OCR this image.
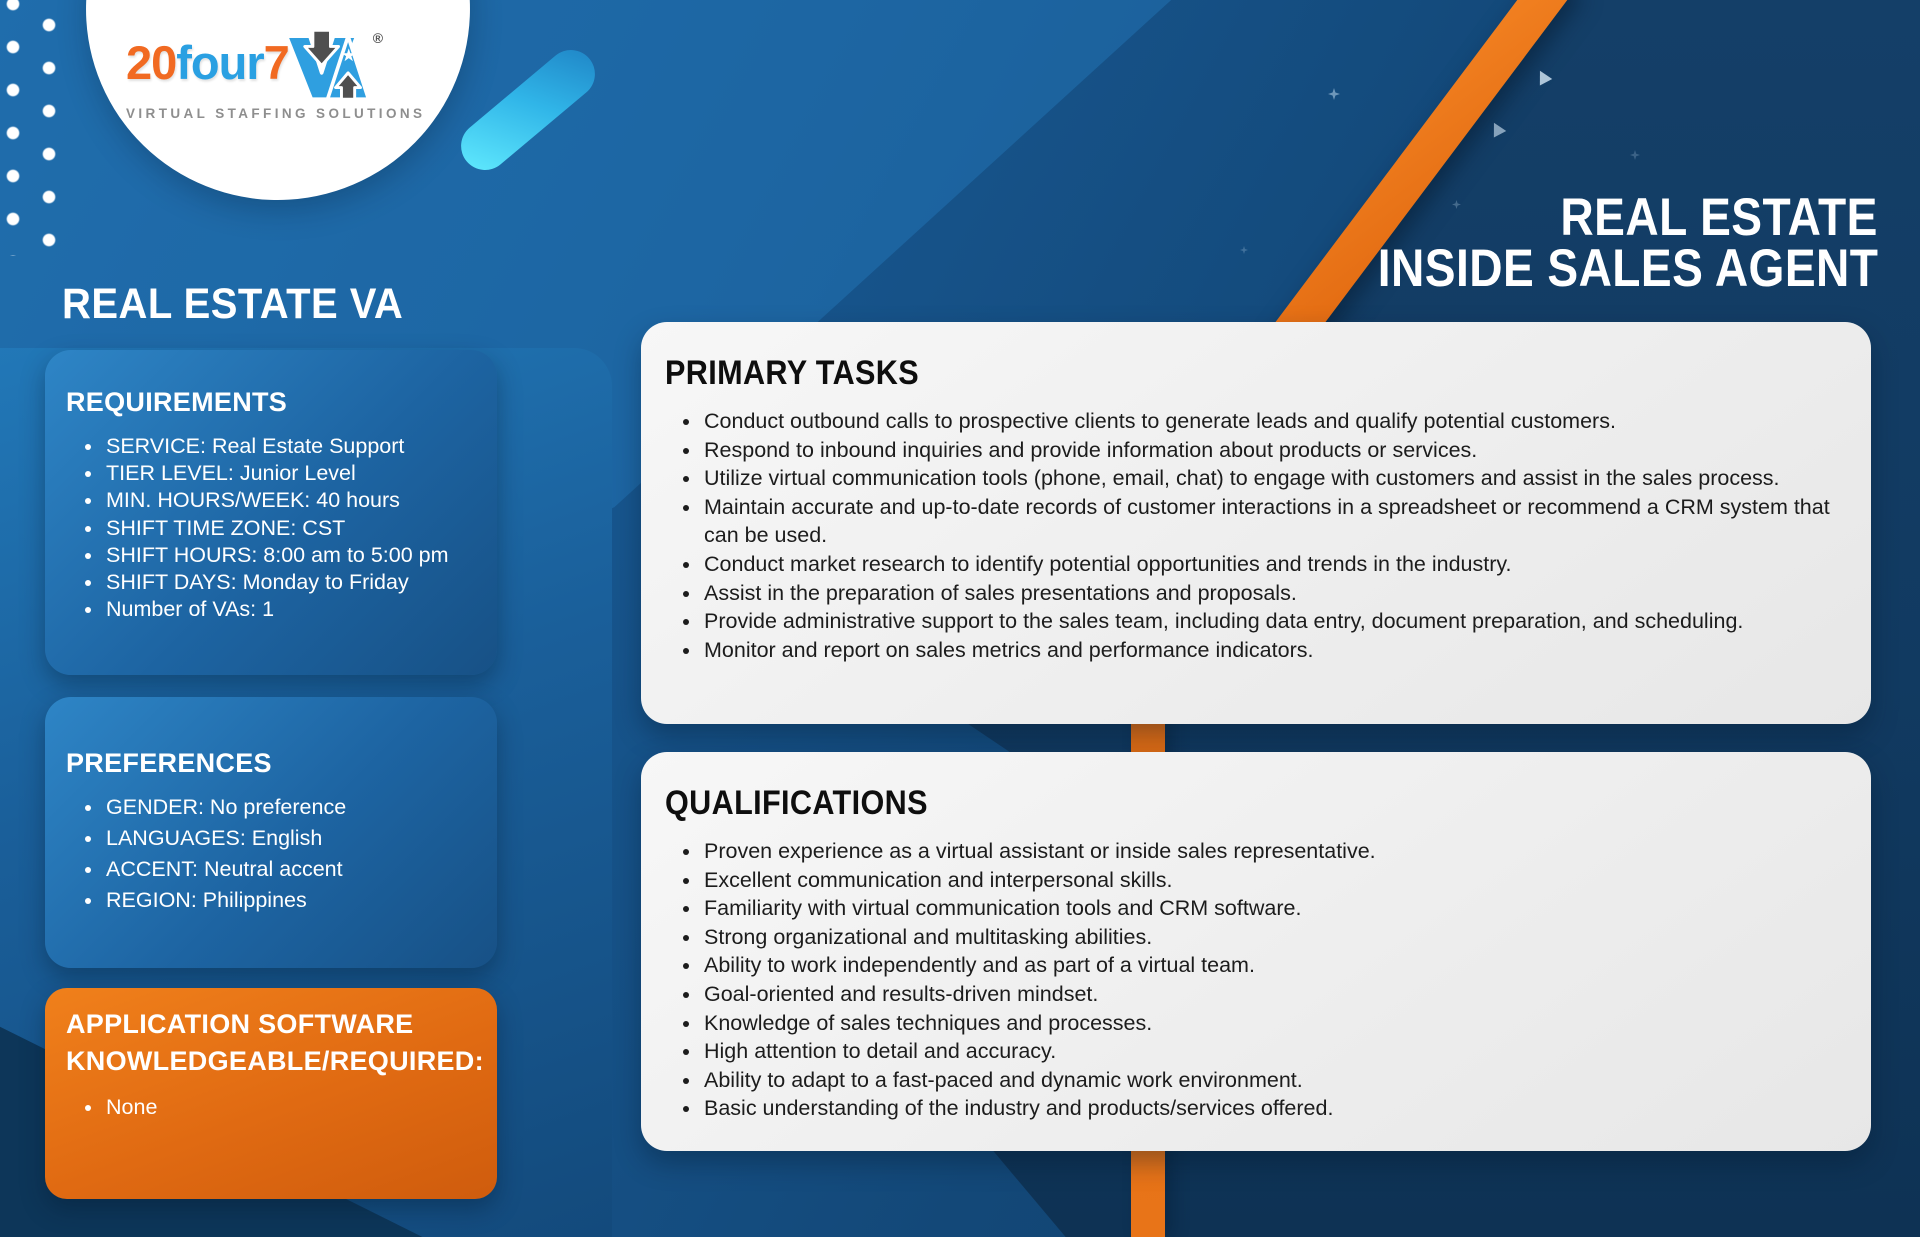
20four7 ★
®
VIRTUAL STAFFING SOLUTIONS
REAL ESTATE VA
REAL ESTATE
INSIDE SALES AGENT
REQUIREMENTS
• SERVICE: Real Estate Support
• TIER LEVEL: Junior Level
• MIN. HOURS/WEEK: 40 hours
• SHIFT TIME ZONE: CST
• SHIFT HOURS: 8:00 am to 5:00 pm
• SHIFT DAYS: Monday to Friday
• Number of VAs: 1
PREFERENCES
• GENDER: No preference
• LANGUAGES: English
• ACCENT: Neutral accent
• REGION: Philippines
APPLICATION SOFTWARE
KNOWLEDGEABLE/REQUIRED:
• None
PRIMARY TASKS
• Conduct outbound calls to prospective clients to generate leads and qualify potential customers.
• Respond to inbound inquiries and provide information about products or services.
• Utilize virtual communication tools (phone, email, chat) to engage with customers and assist in the sales process.
• Maintain accurate and up-to-date records of customer interactions in a spreadsheet or recommend a CRM system that can be used.
• Conduct market research to identify potential opportunities and trends in the industry.
• Assist in the preparation of sales presentations and proposals.
• Provide administrative support to the sales team, including data entry, document preparation, and scheduling.
• Monitor and report on sales metrics and performance indicators.
QUALIFICATIONS
• Proven experience as a virtual assistant or inside sales representative.
• Excellent communication and interpersonal skills.
• Familiarity with virtual communication tools and CRM software.
• Strong organizational and multitasking abilities.
• Ability to work independently and as part of a virtual team.
• Goal-oriented and results-driven mindset.
• Knowledge of sales techniques and processes.
• High attention to detail and accuracy.
• Ability to adapt to a fast-paced and dynamic work environment.
• Basic understanding of the industry and products/services offered.
